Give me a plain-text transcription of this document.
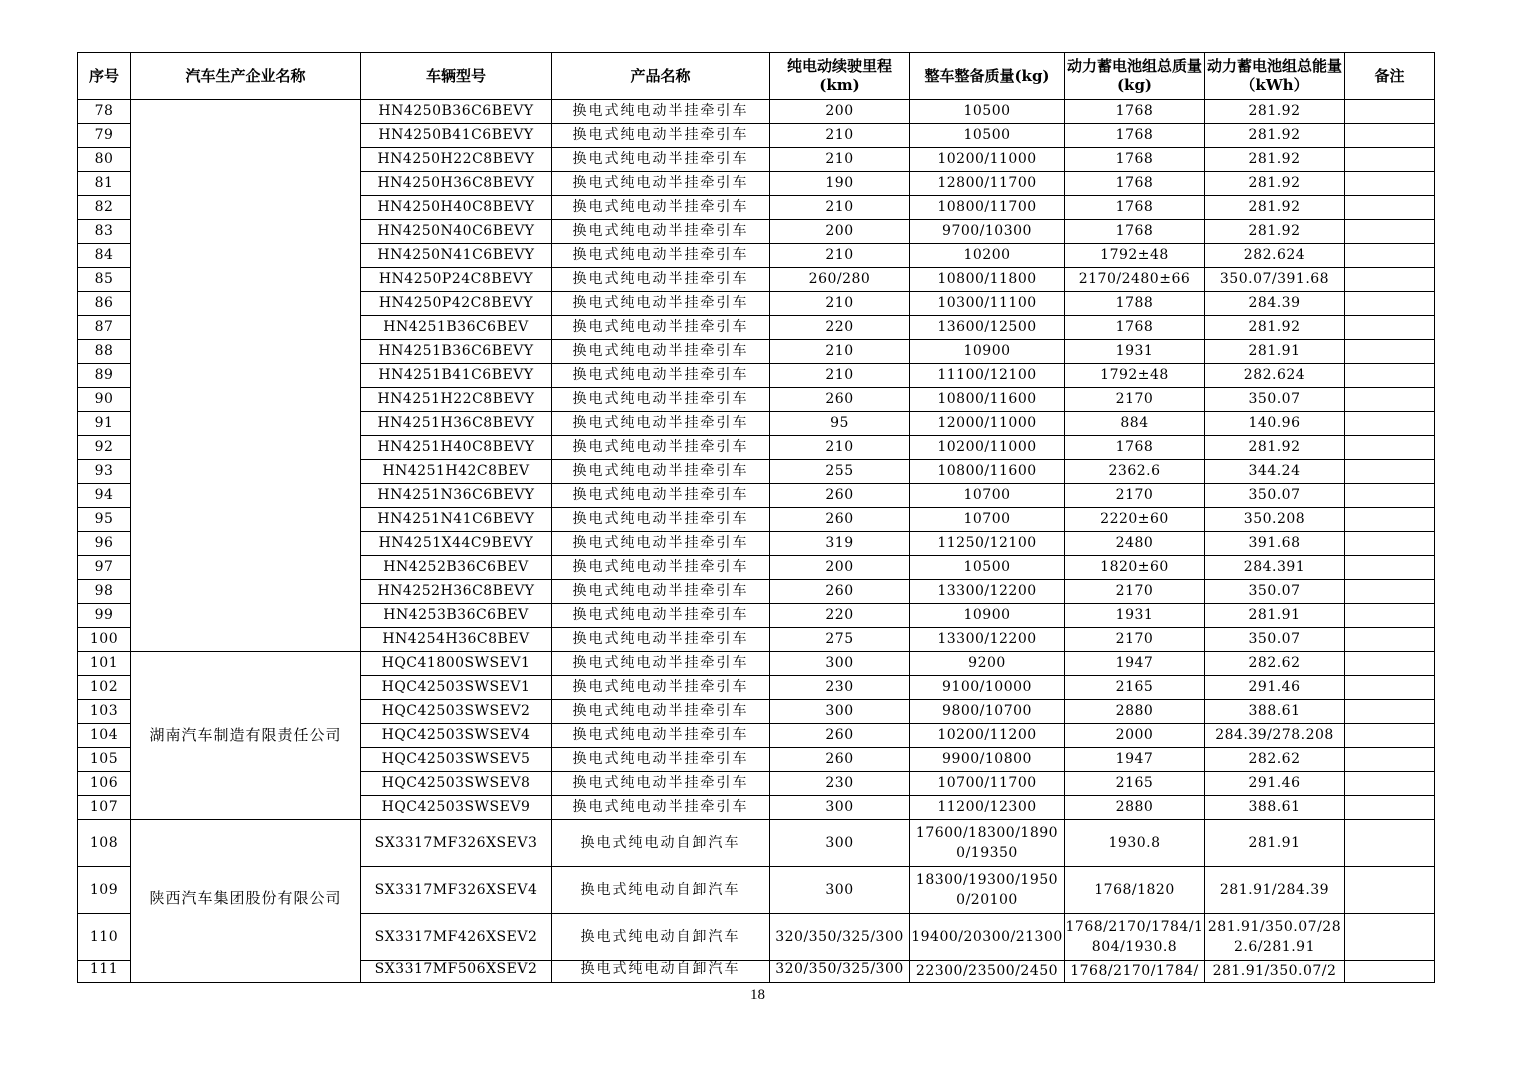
序号	汽车生产企业名称	车辆型号	产品名称	纯电动续驶里程(km)	整车整备质量(kg)	动力蓄电池组总质量(kg)	动力蓄电池组总能量（kWh）	备注
78		HN4250B36C6BEVY	换电式纯电动半挂牵引车	200	10500	1768	281.92	
79		HN4250B41C6BEVY	换电式纯电动半挂牵引车	210	10500	1768	281.92	
80		HN4250H22C8BEVY	换电式纯电动半挂牵引车	210	10200/11000	1768	281.92	
81		HN4250H36C8BEVY	换电式纯电动半挂牵引车	190	12800/11700	1768	281.92	
82		HN4250H40C8BEVY	换电式纯电动半挂牵引车	210	10800/11700	1768	281.92	
83		HN4250N40C6BEVY	换电式纯电动半挂牵引车	200	9700/10300	1768	281.92	
84		HN4250N41C6BEVY	换电式纯电动半挂牵引车	210	10200	1792±48	282.624	
85		HN4250P24C8BEVY	换电式纯电动半挂牵引车	260/280	10800/11800	2170/2480±66	350.07/391.68	
86		HN4250P42C8BEVY	换电式纯电动半挂牵引车	210	10300/11100	1788	284.39	
87		HN4251B36C6BEV	换电式纯电动半挂牵引车	220	13600/12500	1768	281.92	
88		HN4251B36C6BEVY	换电式纯电动半挂牵引车	210	10900	1931	281.91	
89		HN4251B41C6BEVY	换电式纯电动半挂牵引车	210	11100/12100	1792±48	282.624	
90		HN4251H22C8BEVY	换电式纯电动半挂牵引车	260	10800/11600	2170	350.07	
91		HN4251H36C8BEVY	换电式纯电动半挂牵引车	95	12000/11000	884	140.96	
92		HN4251H40C8BEVY	换电式纯电动半挂牵引车	210	10200/11000	1768	281.92	
93		HN4251H42C8BEV	换电式纯电动半挂牵引车	255	10800/11600	2362.6	344.24	
94		HN4251N36C6BEVY	换电式纯电动半挂牵引车	260	10700	2170	350.07	
95		HN4251N41C6BEVY	换电式纯电动半挂牵引车	260	10700	2220±60	350.208	
96		HN4251X44C9BEVY	换电式纯电动半挂牵引车	319	11250/12100	2480	391.68	
97		HN4252B36C6BEV	换电式纯电动半挂牵引车	200	10500	1820±60	284.391	
98		HN4252H36C8BEVY	换电式纯电动半挂牵引车	260	13300/12200	2170	350.07	
99		HN4253B36C6BEV	换电式纯电动半挂牵引车	220	10900	1931	281.91	
100		HN4254H36C8BEV	换电式纯电动半挂牵引车	275	13300/12200	2170	350.07	
101	湖南汽车制造有限责任公司	HQC41800SWSEV1	换电式纯电动半挂牵引车	300	9200	1947	282.62	
102		HQC42503SWSEV1	换电式纯电动半挂牵引车	230	9100/10000	2165	291.46	
103		HQC42503SWSEV2	换电式纯电动半挂牵引车	300	9800/10700	2880	388.61	
104		HQC42503SWSEV4	换电式纯电动半挂牵引车	260	10200/11200	2000	284.39/278.208	
105		HQC42503SWSEV5	换电式纯电动半挂牵引车	260	9900/10800	1947	282.62	
106		HQC42503SWSEV8	换电式纯电动半挂牵引车	230	10700/11700	2165	291.46	
107		HQC42503SWSEV9	换电式纯电动半挂牵引车	300	11200/12300	2880	388.61	
108	陕西汽车集团股份有限公司	SX3317MF326XSEV3	换电式纯电动自卸汽车	300	17600/18300/18900/19350	1930.8	281.91	
109		SX3317MF326XSEV4	换电式纯电动自卸汽车	300	18300/19300/19500/20100	1768/1820	281.91/284.39	
110		SX3317MF426XSEV2	换电式纯电动自卸汽车	320/350/325/300	19400/20300/21300	1768/2170/1784/1804/1930.8	281.91/350.07/282.6/281.91	
111		SX3317MF506XSEV2	换电式纯电动自卸汽车	320/350/325/300	22300/23500/2450	1768/2170/1784/	281.91/350.07/2	
18
